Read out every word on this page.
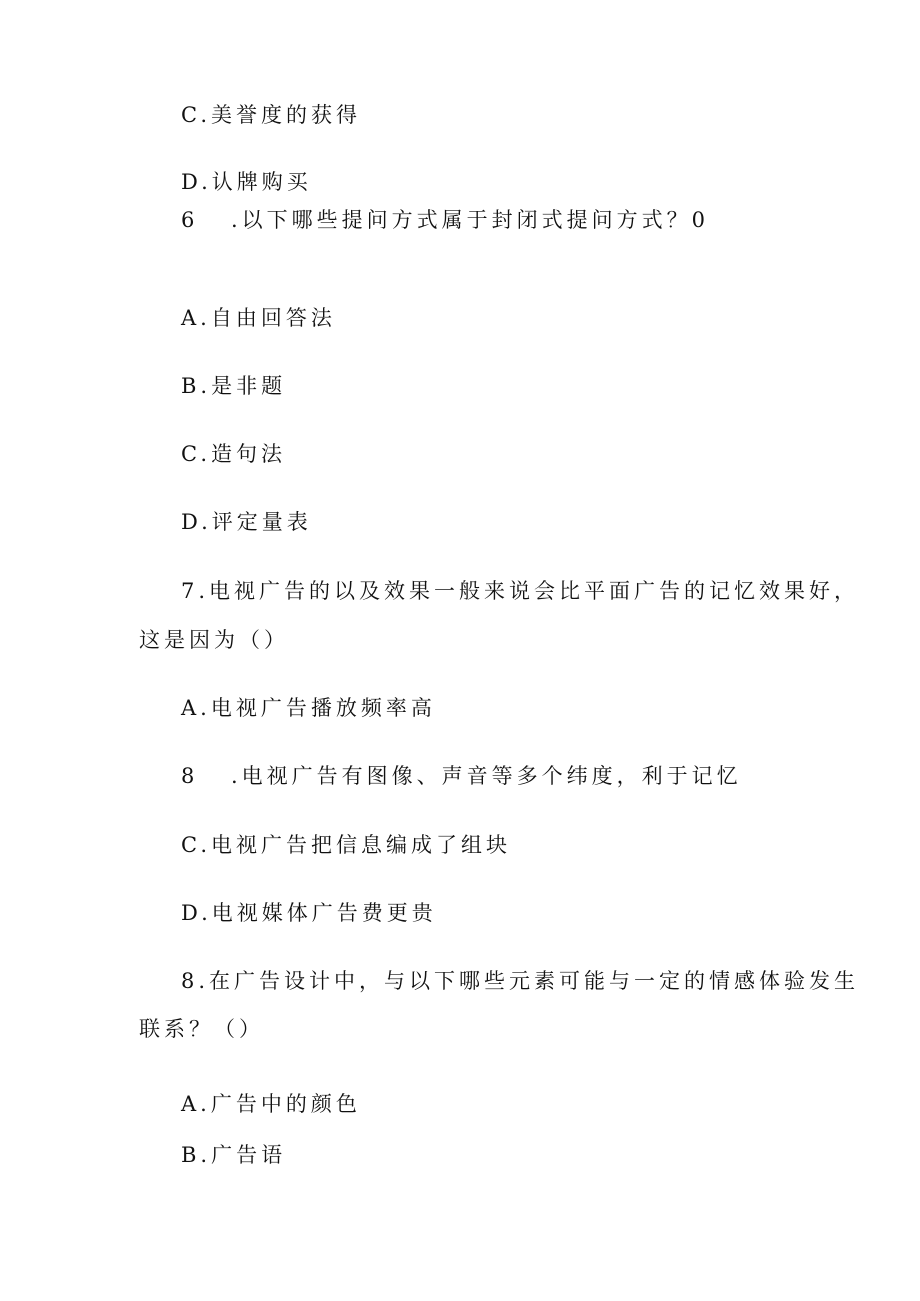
C.美誉度的获得
D.认牌购买
6 .以下哪些提问方式属于封闭式提问方式？0
A.自由回答法
B.是非题
C.造句法
D.评定量表
7.电视广告的以及效果一般来说会比平面广告的记忆效果好，
这是因为（）
A.电视广告播放频率高
8 .电视广告有图像、声音等多个纬度，利于记忆
C.电视广告把信息编成了组块
D.电视媒体广告费更贵
8.在广告设计中，与以下哪些元素可能与一定的情感体验发生
联系？（）
A.广告中的颜色
B.广告语
